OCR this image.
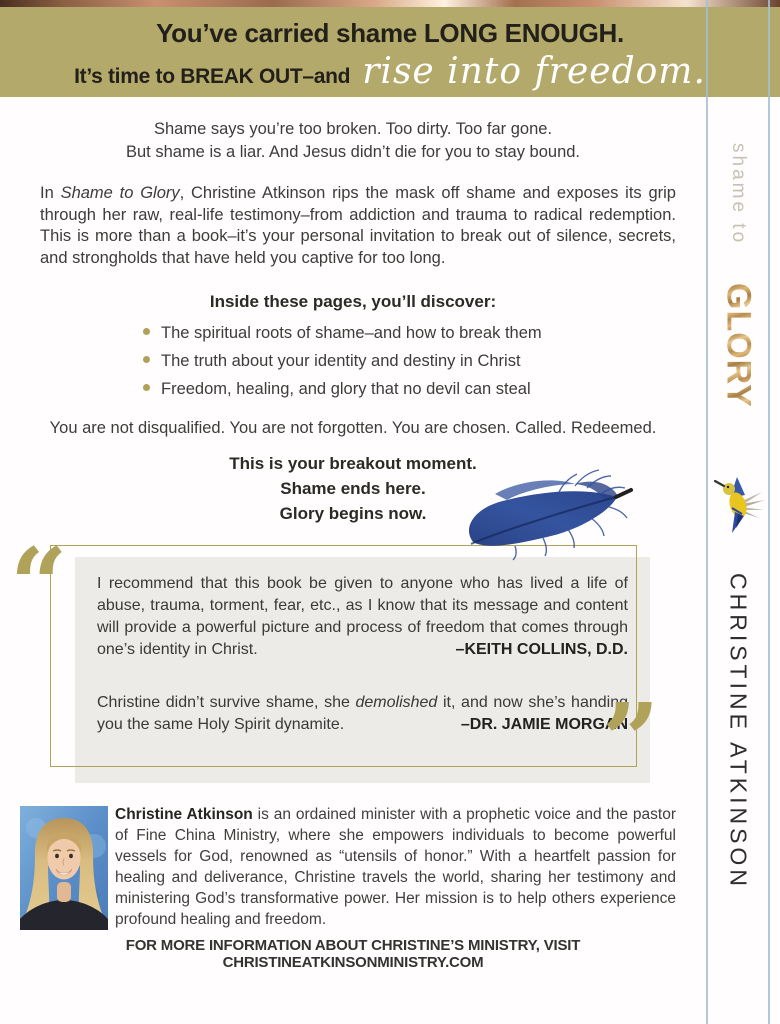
You’ve carried shame LONG ENOUGH.
It’s time to BREAK OUT–and rise into freedom.

Shame says you’re too broken. Too dirty. Too far gone.
But shame is a liar. And Jesus didn’t die for you to stay bound.

In Shame to Glory, Christine Atkinson rips the mask off shame and exposes its grip through her raw, real-life testimony–from addiction and trauma to radical redemption. This is more than a book–it’s your personal invitation to break out of silence, secrets, and strongholds that have held you captive for too long.

Inside these pages, you’ll discover:
The spiritual roots of shame–and how to break them
The truth about your identity and destiny in Christ
Freedom, healing, and glory that no devil can steal

You are not disqualified. You are not forgotten. You are chosen. Called. Redeemed.

This is your breakout moment.
Shame ends here.
Glory begins now.
“
”

I recommend that this book be given to anyone who has lived a life of abuse, trauma, torment, fear, etc., as I know that its message and content will provide a powerful picture and process of freedom that comes through one’s identity in Christ.	–KEITH COLLINS, D.D.

Christine didn’t survive shame, she demolished it, and now she’s handing you the same Holy Spirit dynamite.	–DR. JAMIE MORGAN

Christine Atkinson is an ordained minister with a prophetic voice and the pastor of Fine China Ministry, where she empowers individuals to become powerful vessels for God, renowned as “utensils of honor.” With a heartfelt passion for healing and deliverance, Christine travels the world, sharing her testimony and ministering God’s transformative power. Her mission is to help others experience profound healing and freedom.

FOR MORE INFORMATION ABOUT CHRISTINE’S MINISTRY, VISIT CHRISTINEATKINSONMINISTRY.COM
shame to
GLORY
CHRISTINE ATKINSON
